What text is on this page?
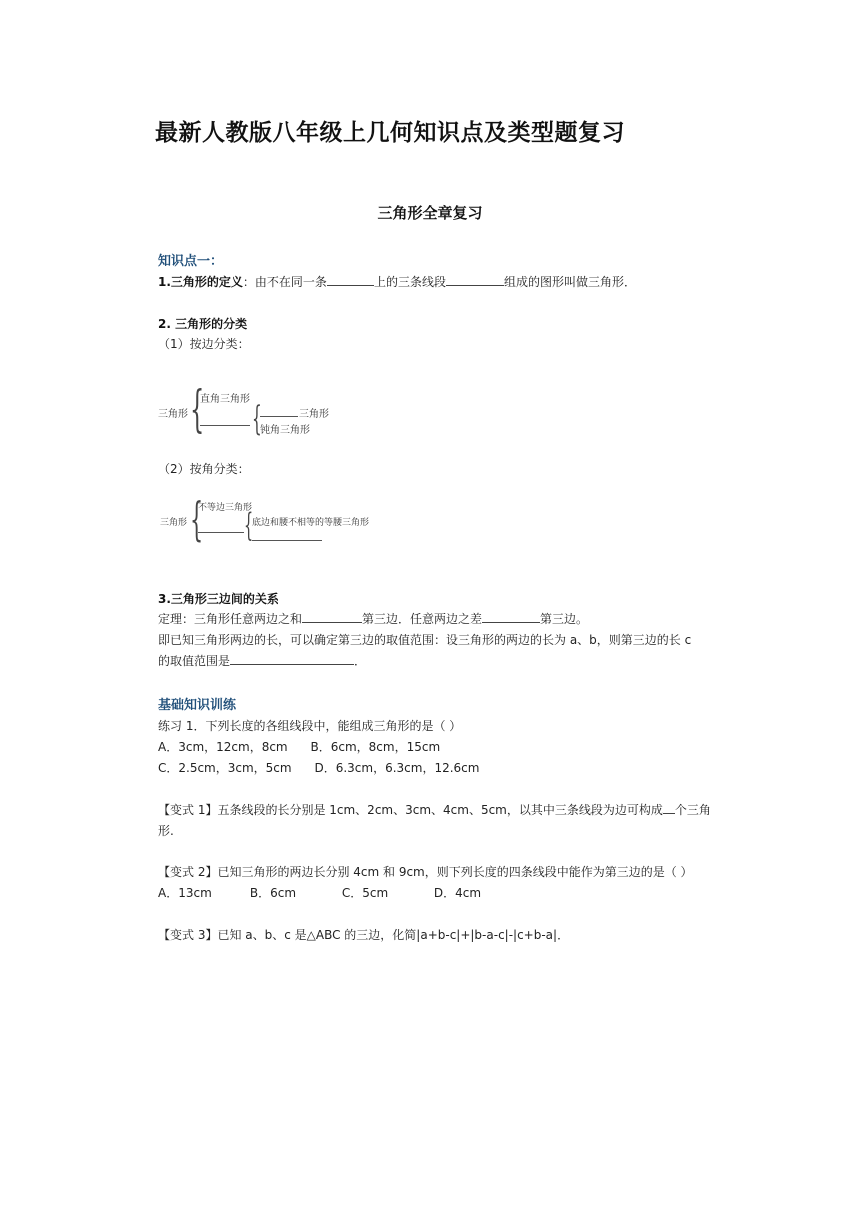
最新人教版八年级上几何知识点及类型题复习
三角形全章复习
知识点一：
1.三角形的定义：由不在同一条	上的三条线段	组成的图形叫做三角形．
2. 三角形的分类
（1）按边分类：
三角形 {
直角三角形 {	三角形
钝角三角形
（2）按角分类：
三角形 {
不等边三角形
{
底边和腰不相等的等腰三角形
3.三角形三边间的关系
定理：三角形任意两边之和	第三边．任意两边之差	第三边。
即已知三角形两边的长，可以确定第三边的取值范围：设三角形的两边的长为 a、b，则第三边的长 c
的取值范围是	．
基础知识训练
练习 1．下列长度的各组线段中，能组成三角形的是（ ）
A．3cm，12cm，8cm      B．6cm，8cm，15cm
C．2.5cm，3cm，5cm      D．6.3cm，6.3cm，12.6cm
【变式 1】五条线段的长分别是 1cm、2cm、3cm、4cm、5cm，以其中三条线段为边可构成 个三角
形.
【变式 2】已知三角形的两边长分别 4cm 和 9cm，则下列长度的四条线段中能作为第三边的是（ ）
A．13cm          B．6cm            C．5cm            D．4cm
【变式 3】已知 a、b、c 是△ABC 的三边，化简|a+b-c|+|b-a-c|-|c+b-a|．
